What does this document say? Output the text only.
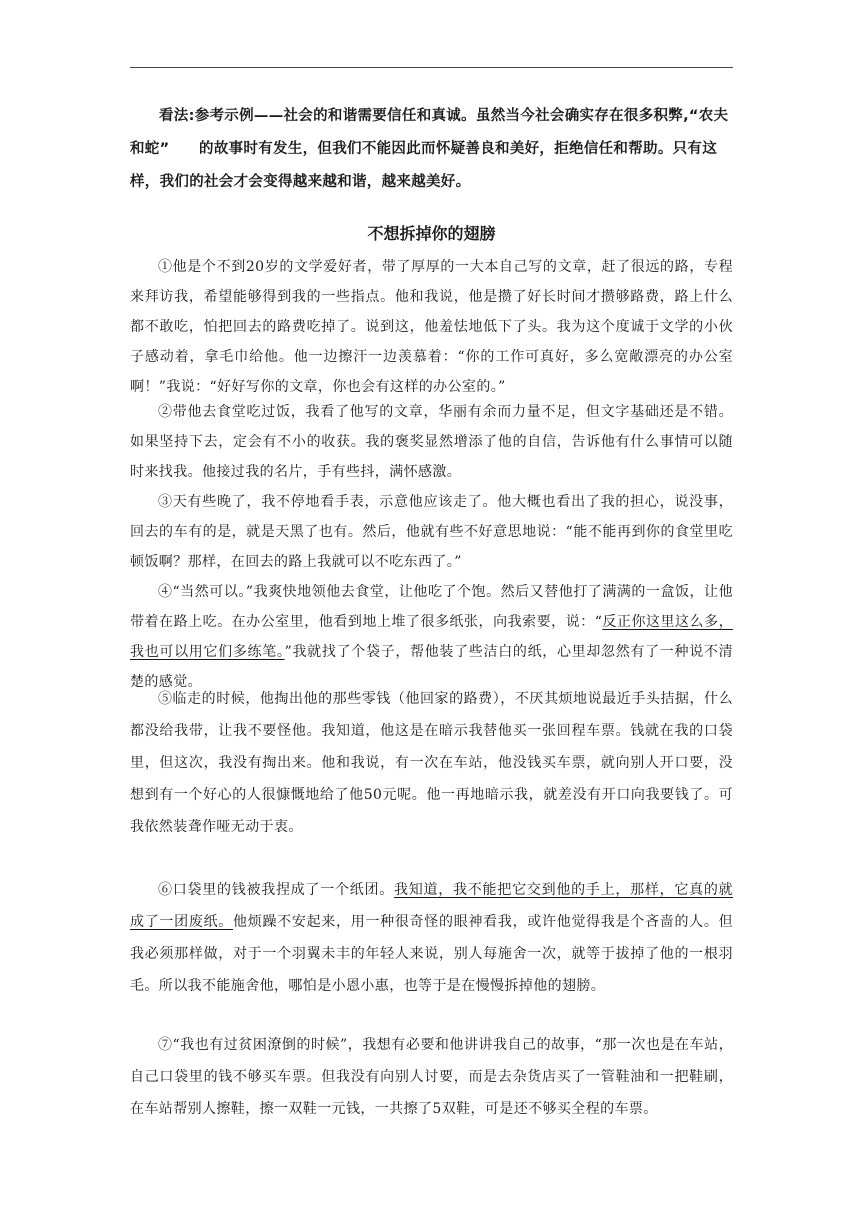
看法:参考示例——社会的和谐需要信任和真诚。虽然当今社会确实存在很多积弊,“农夫和蛇”　　的故事时有发生，但我们不能因此而怀疑善良和美好，拒绝信任和帮助。只有这样，我们的社会才会变得越来越和谐，越来越美好。
不想拆掉你的翅膀
①他是个不到20岁的文学爱好者，带了厚厚的一大本自己写的文章，赶了很远的路，专程来拜访我，希望能够得到我的一些指点。他和我说，他是攒了好长时间才攒够路费，路上什么都不敢吃，怕把回去的路费吃掉了。说到这，他羞怯地低下了头。我为这个度诚于文学的小伙子感动着，拿毛巾给他。他一边擦汗一边羡慕着：“你的工作可真好，多么宽敞漂亮的办公室啊！”我说：“好好写你的文章，你也会有这样的办公室的。”
②带他去食堂吃过饭，我看了他写的文章，华丽有余而力量不足，但文字基础还是不错。如果坚持下去，定会有不小的收获。我的褒奖显然增添了他的自信，告诉他有什么事情可以随时来找我。他接过我的名片，手有些抖，满怀感激。
③天有些晚了，我不停地看手表，示意他应该走了。他大概也看出了我的担心，说没事，回去的车有的是，就是天黑了也有。然后，他就有些不好意思地说：“能不能再到你的食堂里吃顿饭啊？那样，在回去的路上我就可以不吃东西了。”
④“当然可以。”我爽快地领他去食堂，让他吃了个饱。然后又替他打了满满的一盒饭，让他带着在路上吃。在办公室里，他看到地上堆了很多纸张，向我索要，说：“反正你这里这么多，我也可以用它们多练笔。”我就找了个袋子，帮他装了些洁白的纸，心里却忽然有了一种说不清楚的感觉。
⑤临走的时候，他掏出他的那些零钱（他回家的路费），不厌其烦地说最近手头拮据，什么都没给我带，让我不要怪他。我知道，他这是在暗示我替他买一张回程车票。钱就在我的口袋里，但这次，我没有掏出来。他和我说，有一次在车站，他没钱买车票，就向别人开口要，没想到有一个好心的人很慷慨地给了他50元呢。他一再地暗示我，就差没有开口向我要钱了。可我依然装聋作哑无动于衷。
⑥口袋里的钱被我捏成了一个纸团。我知道，我不能把它交到他的手上，那样，它真的就成了一团废纸。他烦躁不安起来，用一种很奇怪的眼神看我，或许他觉得我是个吝啬的人。但我必须那样做，对于一个羽翼未丰的年轻人来说，别人每施舍一次，就等于拔掉了他的一根羽毛。所以我不能施舍他，哪怕是小恩小惠，也等于是在慢慢拆掉他的翅膀。
⑦“我也有过贫困潦倒的时候”，我想有必要和他讲讲我自己的故事，“那一次也是在车站，自己口袋里的钱不够买车票。但我没有向别人讨要，而是去杂货店买了一管鞋油和一把鞋刷，在车站帮别人擦鞋，擦一双鞋一元钱，一共擦了5双鞋，可是还不够买全程的车票。
